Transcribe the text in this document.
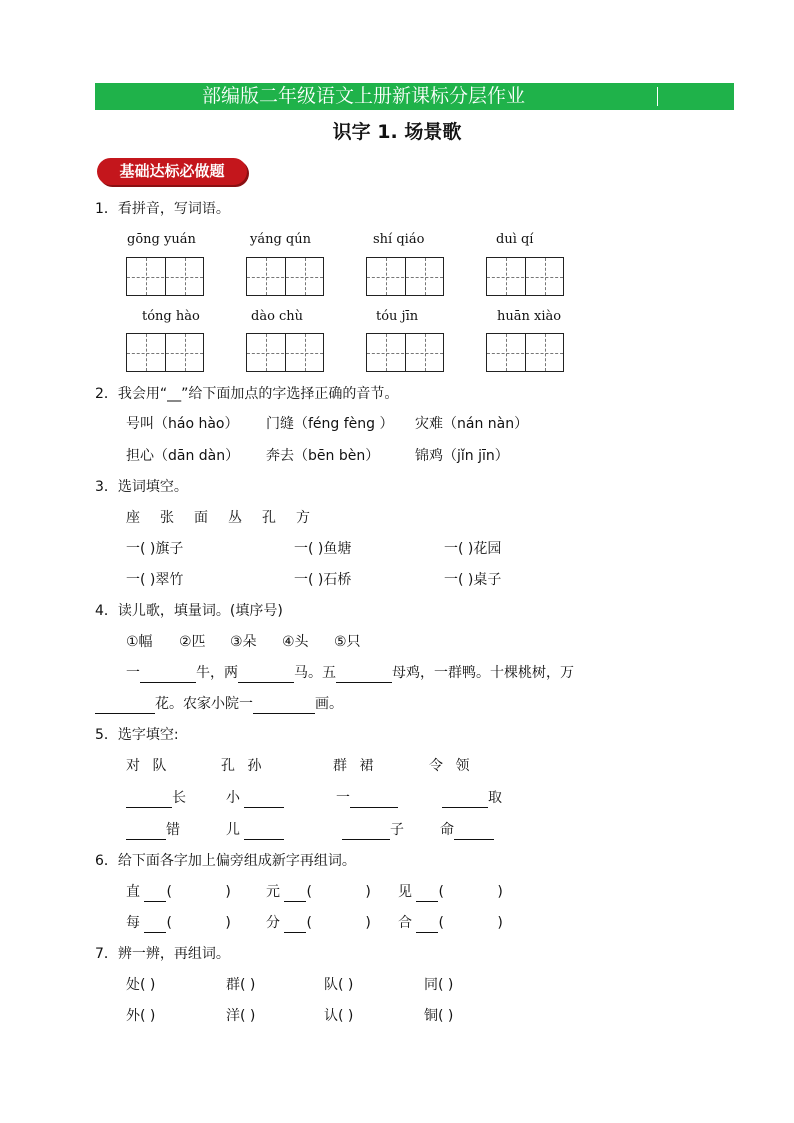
部编版二年级语文上册新课标分层作业
识字 1. 场景歌
基础达标必做题
1．看拼音，写词语。
gōng yuán	yáng qún	shí qiáo	duì qí
tóng hào	dào chù	tóu jīn	huān xiào
2．我会用“__”给下面加点的字选择正确的音节。
号叫（háo hào） 门缝（féng fèng ） 灾难（nán nàn）
担心（dān dàn） 奔去（bēn bèn）	锦鸡（jǐn jīn）
3．选词填空。
座 张 面 丛 孔 方
一( )旗子	一( )鱼塘	一( )花园
一( )翠竹	一( )石桥	一( )桌子
4．读儿歌，填量词。(填序号)
①幅 ②匹 ③朵 ④头 ⑤只
一	牛，两	马。五	母鸡，一群鸭。十棵桃树，万
花。农家小院一	画。
5．选字填空:
对 队	孔 孙	群 裙	令 领
长	小	一	取
错	儿	子	命
6．给下面各字加上偏旁组成新字再组词。
直 (            )	元 (            ) 见 (            )
每 (            )	分 (            ) 合 (            )
7．辨一辨，再组词。
处( )	群( )	队( )	同( )
外( )	洋( )	认( )	铜( )
